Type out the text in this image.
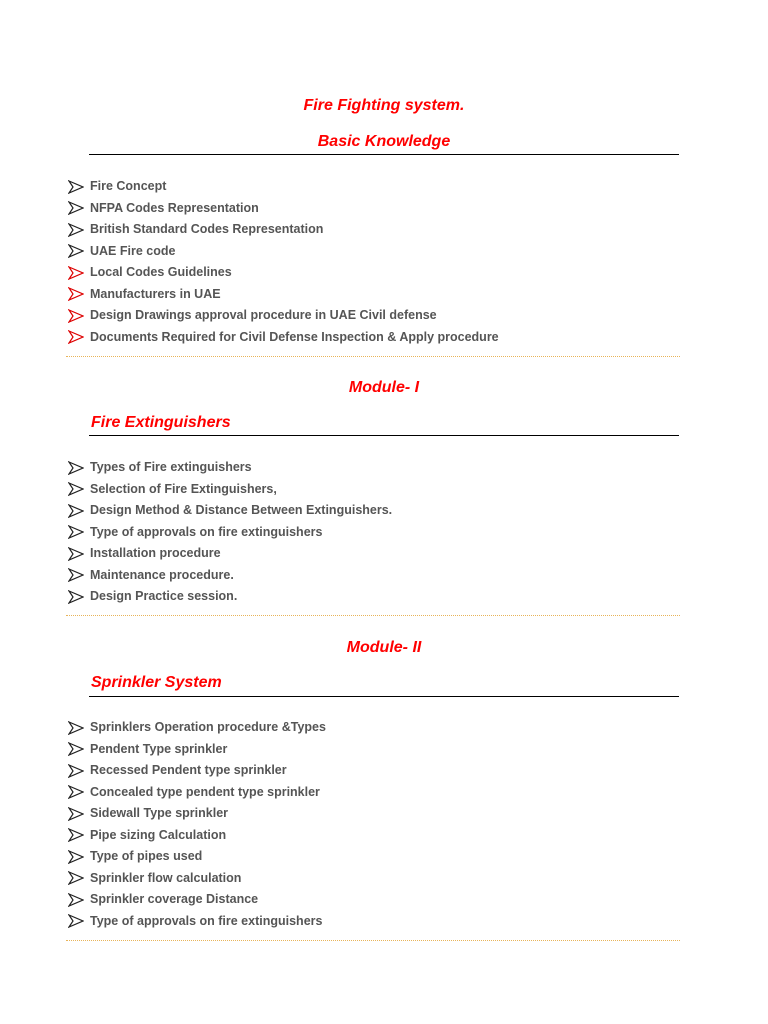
Fire Fighting system.
Basic Knowledge
Fire Concept
NFPA Codes Representation
British Standard Codes Representation
UAE Fire code
Local Codes Guidelines
Manufacturers in UAE
Design Drawings approval procedure in UAE Civil defense
Documents Required for Civil Defense Inspection & Apply procedure
Module- I
Fire Extinguishers
Types of Fire extinguishers
Selection of Fire Extinguishers,
Design Method & Distance Between Extinguishers.
Type of approvals on fire extinguishers
Installation procedure
Maintenance procedure.
Design Practice session.
Module- II
Sprinkler System
Sprinklers Operation procedure &Types
Pendent Type sprinkler
Recessed Pendent type sprinkler
Concealed type pendent type sprinkler
Sidewall Type sprinkler
Pipe sizing Calculation
Type of pipes used
Sprinkler flow calculation
Sprinkler coverage Distance
Type of approvals on fire extinguishers
